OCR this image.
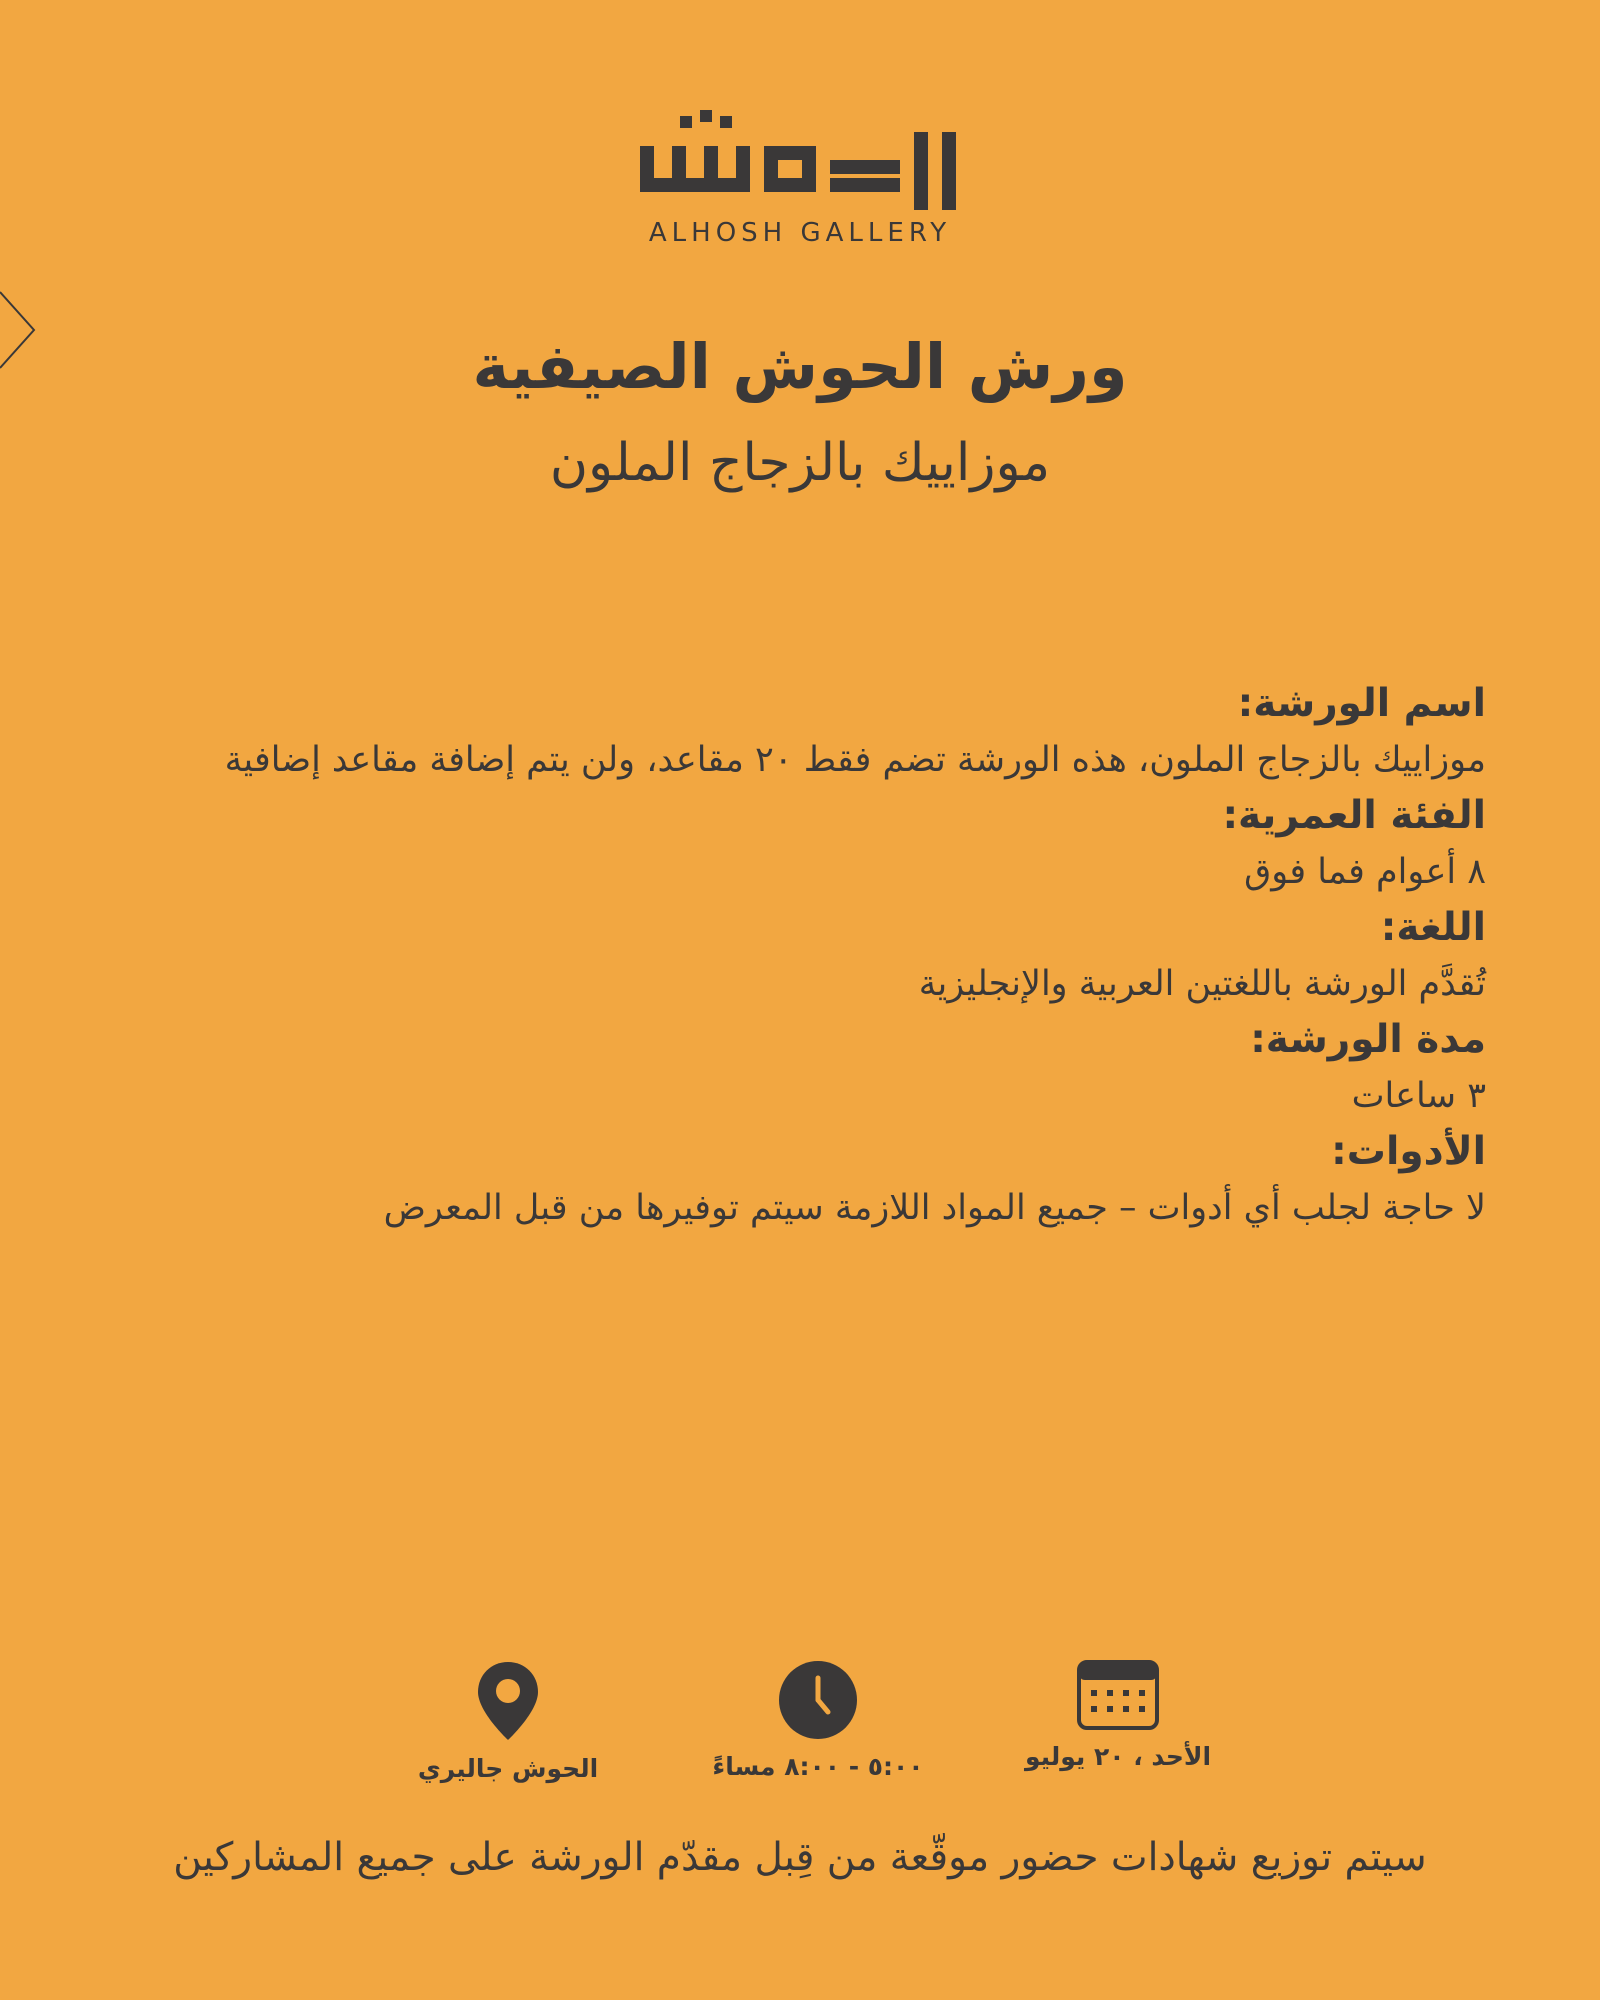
ALHOSH GALLERY
ورش الحوش الصيفية
موزاييك بالزجاج الملون
اسم الورشة:
موزاييك بالزجاج الملون، هذه الورشة تضم فقط ٢٠ مقاعد، ولن يتم إضافة مقاعد إضافية
الفئة العمرية:
٨ أعوام فما فوق
اللغة:
تُقدَّم الورشة باللغتين العربية والإنجليزية
مدة الورشة:
٣ ساعات
الأدوات:
لا حاجة لجلب أي أدوات – جميع المواد اللازمة سيتم توفيرها من قبل المعرض
الحوش جاليري	٥:٠٠ - ٨:٠٠ مساءً	الأحد ، ٢٠ يوليو
سيتم توزيع شهادات حضور موقّعة من قِبل مقدّم الورشة على جميع المشاركين
